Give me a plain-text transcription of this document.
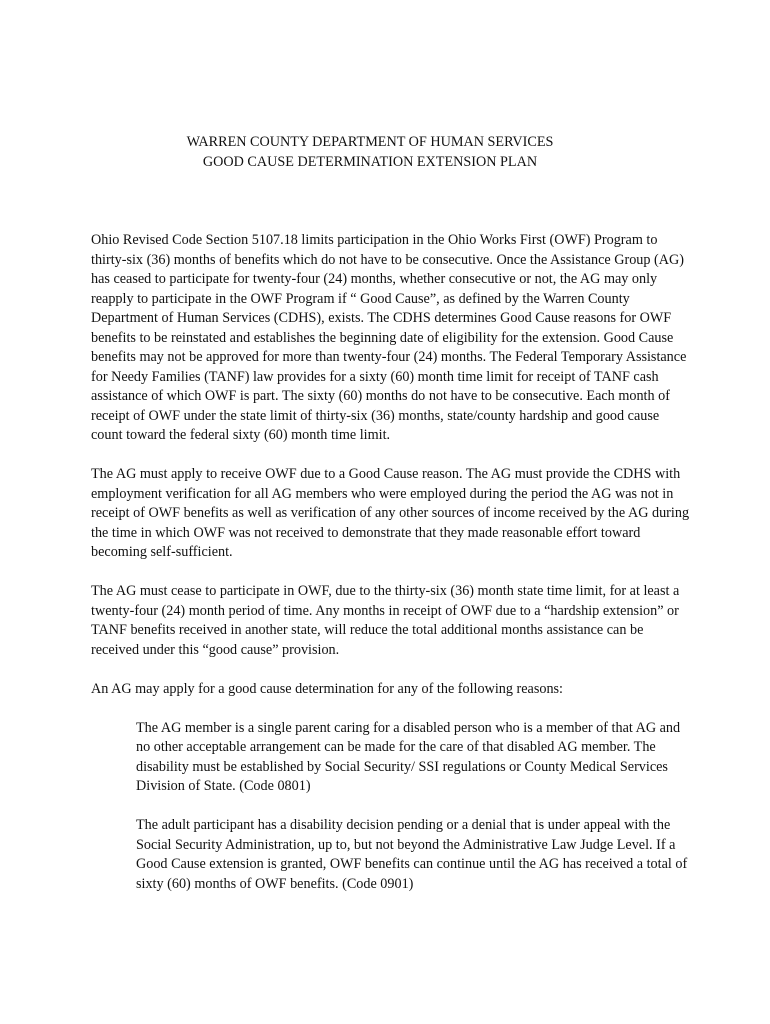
WARREN COUNTY DEPARTMENT OF HUMAN SERVICES
GOOD CAUSE DETERMINATION EXTENSION PLAN

Ohio Revised Code Section 5107.18 limits participation in the Ohio Works First (OWF) Program to thirty-six (36) months of benefits which do not have to be consecutive. Once the Assistance Group (AG) has ceased to participate for twenty-four (24) months, whether consecutive or not, the AG may only reapply to participate in the OWF Program if “ Good Cause”, as defined by the Warren County Department of Human Services (CDHS), exists. The CDHS determines Good Cause reasons for OWF benefits to be reinstated and establishes the beginning date of eligibility for the extension. Good Cause benefits may not be approved for more than twenty-four (24) months. The Federal Temporary Assistance for Needy Families (TANF) law provides for a sixty (60) month time limit for receipt of TANF cash assistance of which OWF is part. The sixty (60) months do not have to be consecutive. Each month of receipt of OWF under the state limit of thirty-six (36) months, state/county hardship and good cause count toward the federal sixty (60) month time limit.

The AG must apply to receive OWF due to a Good Cause reason. The AG must provide the CDHS with employment verification for all AG members who were employed during the period the AG was not in receipt of OWF benefits as well as verification of any other sources of income received by the AG during the time in which OWF was not received to demonstrate that they made reasonable effort toward becoming self-sufficient.

The AG must cease to participate in OWF, due to the thirty-six (36) month state time limit, for at least a twenty-four (24) month period of time. Any months in receipt of OWF due to a “hardship extension” or TANF benefits received in another state, will reduce the total additional months assistance can be received under this “good cause” provision.

An AG may apply for a good cause determination for any of the following reasons:

The AG member is a single parent caring for a disabled person who is a member of that AG and no other acceptable arrangement can be made for the care of that disabled AG member. The disability must be established by Social Security/ SSI regulations or County Medical Services Division of State. (Code 0801)

The adult participant has a disability decision pending or a denial that is under appeal with the Social Security Administration, up to, but not beyond the Administrative Law Judge Level. If a Good Cause extension is granted, OWF benefits can continue until the AG has received a total of sixty (60) months of OWF benefits. (Code 0901)
